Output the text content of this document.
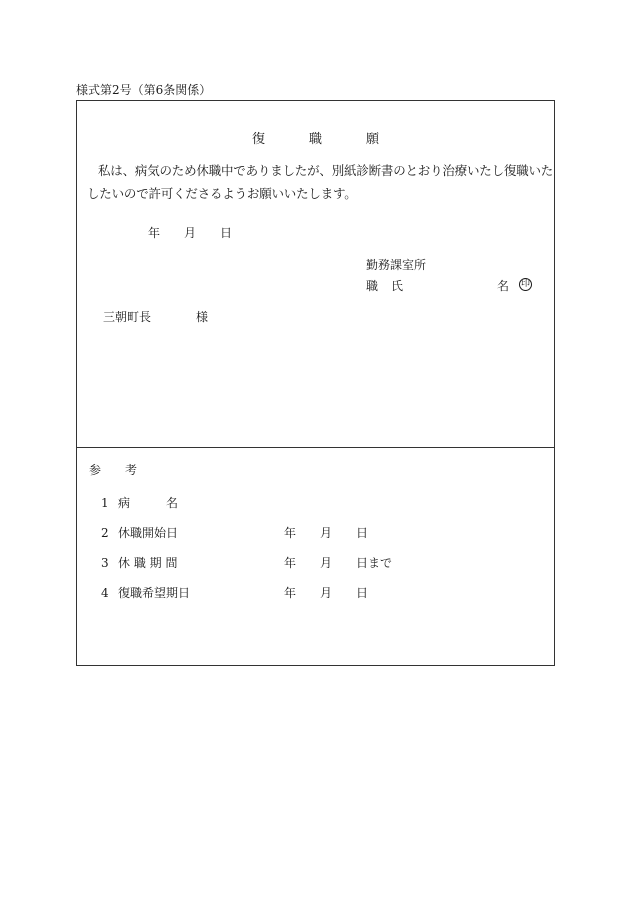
様式第2号（第6条関係）
復	職	願
私は、病気のため休職中でありましたが、別紙診断書のとおり治療いたし復職いた
したいので許可くださるようお願いいたします。
年 月 日
勤務課室所
職 氏	名 印
三朝町長	様
参 考
1 病	名
2 休職開始日	年 月 日
3 休 職 期 間	年 月 日まで
4 復職希望期日	年 月 日
